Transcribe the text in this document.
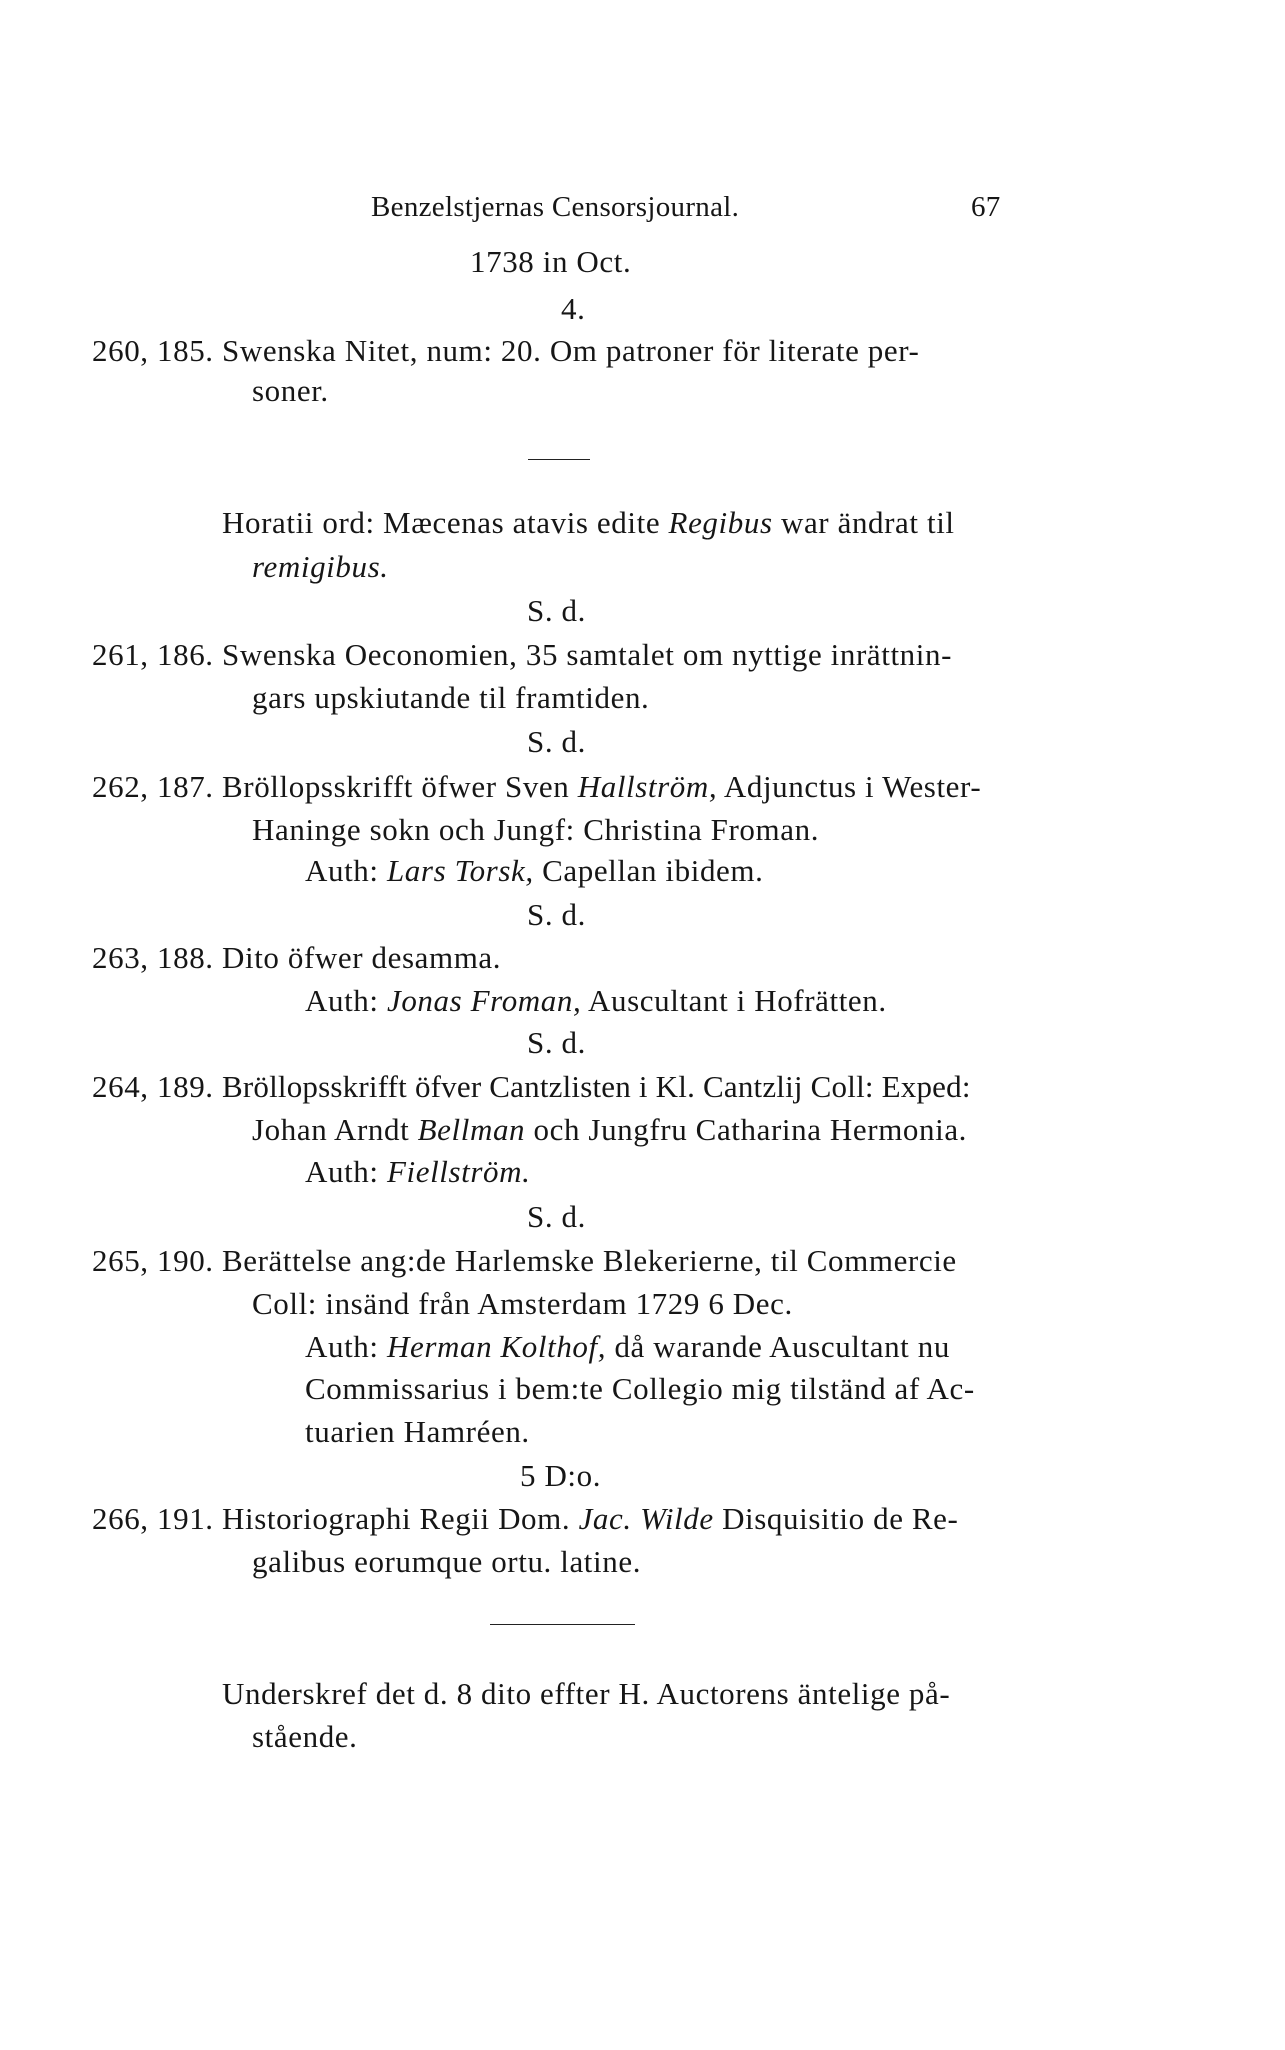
Benzelstjernas Censorsjournal.	67
1738 in Oct.
4.
260, 185. Swenska Nitet, num: 20. Om patroner för literate per-
soner.
Horatii ord: Mæcenas atavis edite Regibus war ändrat til
remigibus.
S. d.
261, 186. Swenska Oeconomien, 35 samtalet om nyttige inrättnin-
gars upskiutande til framtiden.
S. d.
262, 187. Bröllopsskrifft öfwer Sven Hallström, Adjunctus i Wester-
Haninge sokn och Jungf: Christina Froman.
Auth: Lars Torsk, Capellan ibidem.
S. d.
263, 188. Dito öfwer desamma.
Auth: Jonas Froman, Auscultant i Hofrätten.
S. d.
264, 189. Bröllopsskrifft öfver Cantzlisten i Kl. Cantzlij Coll: Exped:
Johan Arndt Bellman och Jungfru Catharina Hermonia.
Auth: Fiellström.
S. d.
265, 190. Berättelse ang:de Harlemske Blekerierne, til Commercie
Coll: insänd från Amsterdam 1729 6 Dec.
Auth: Herman Kolthof, då warande Auscultant nu
Commissarius i bem:te Collegio mig tilständ af Ac-
tuarien Hamréen.
5 D:o.
266, 191. Historiographi Regii Dom. Jac. Wilde Disquisitio de Re-
galibus eorumque ortu. latine.
Underskref det d. 8 dito effter H. Auctorens äntelige på-
stående.
